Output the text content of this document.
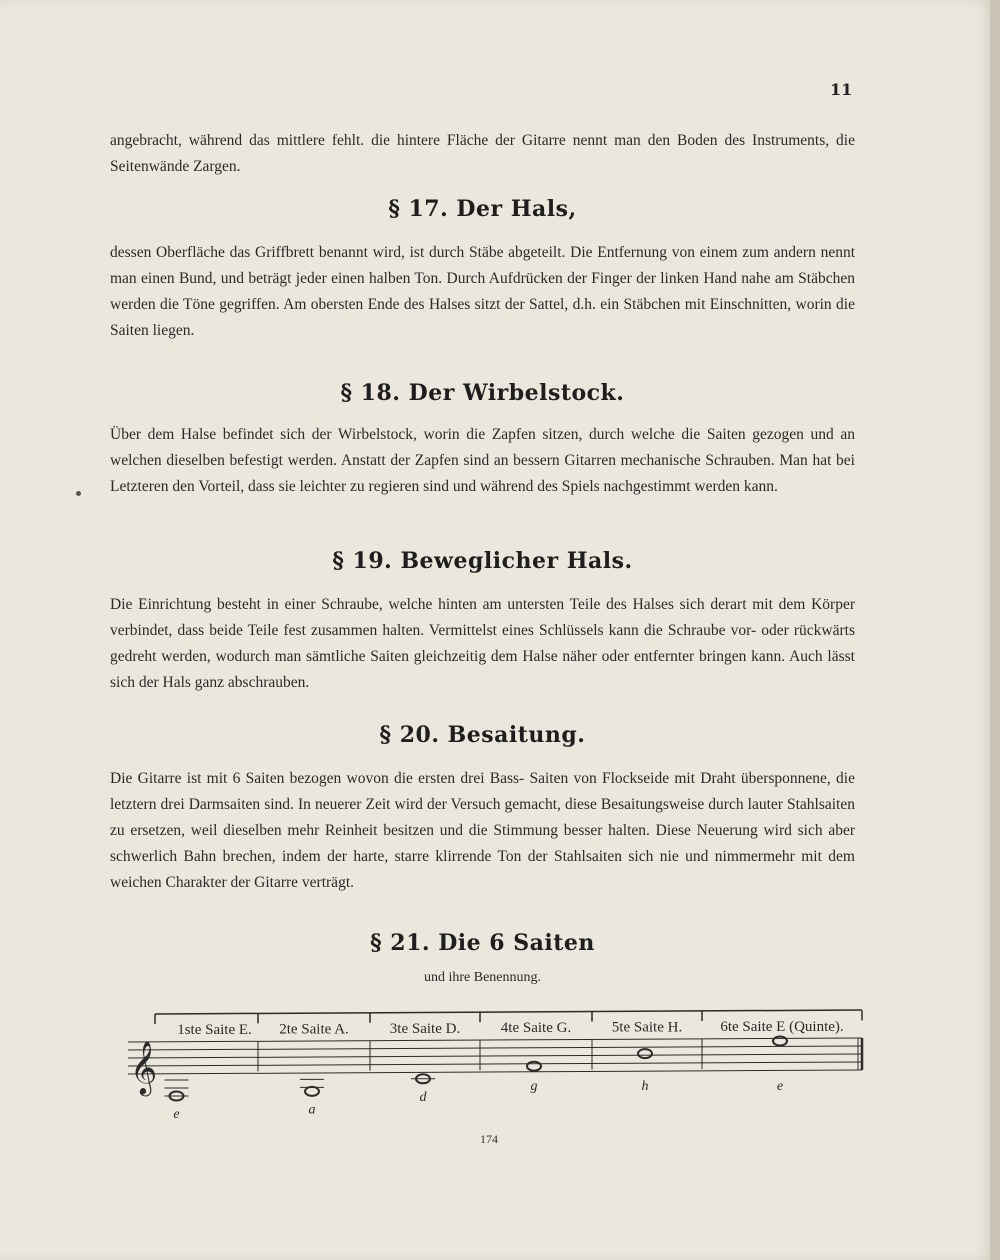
11

angebracht, während das mittlere fehlt. die hintere Fläche der Gitarre nennt man den Boden des Instruments, die Seitenwände Zargen.

§ 17. Der Hals,

dessen Oberfläche das Griffbrett benannt wird, ist durch Stäbe abgeteilt. Die Entfernung von einem zum andern nennt man einen Bund, und beträgt jeder einen halben Ton. Durch Aufdrücken der Finger der linken Hand nahe am Stäbchen werden die Töne gegriffen. Am obersten Ende des Halses sitzt der Sattel, d.h. ein Stäbchen mit Einschnitten, worin die Saiten liegen.

§ 18. Der Wirbelstock.

Über dem Halse befindet sich der Wirbelstock, worin die Zapfen sitzen, durch welche die Saiten gezogen und an welchen dieselben befestigt werden. Anstatt der Zapfen sind an bessern Gitarren mechanische Schrauben. Man hat bei Letzteren den Vorteil, dass sie leichter zu regieren sind und während des Spiels nachgestimmt werden kann.

§ 19. Beweglicher Hals.

Die Einrichtung besteht in einer Schraube, welche hinten am untersten Teile des Halses sich derart mit dem Körper verbindet, dass beide Teile fest zusammen halten. Vermittelst eines Schlüssels kann die Schraube vor- oder rückwärts gedreht werden, wodurch man sämtliche Saiten gleichzeitig dem Halse näher oder entfernter bringen kann. Auch lässt sich der Hals ganz abschrauben.

§ 20. Besaitung.

Die Gitarre ist mit 6 Saiten bezogen wovon die ersten drei Bass- Saiten von Flockseide mit Draht übersponnene, die letztern drei Darmsaiten sind. In neuerer Zeit wird der Versuch gemacht, diese Besaitungsweise durch lauter Stahlsaiten zu ersetzen, weil dieselben mehr Reinheit besitzen und die Stimmung besser halten. Diese Neuerung wird sich aber schwerlich Bahn brechen, indem der harte, starre klirrende Ton der Stahlsaiten sich nie und nimmermehr mit dem weichen Charakter der Gitarre verträgt.

§ 21. Die 6 Saiten

und ihre Benennung.

𝄞
1ste Saite E. 2te Saite A.	3te Saite D.	4te Saite G.	5te Saite H.	6te Saite E (Quinte).
e	a
d
g	h	e
174
